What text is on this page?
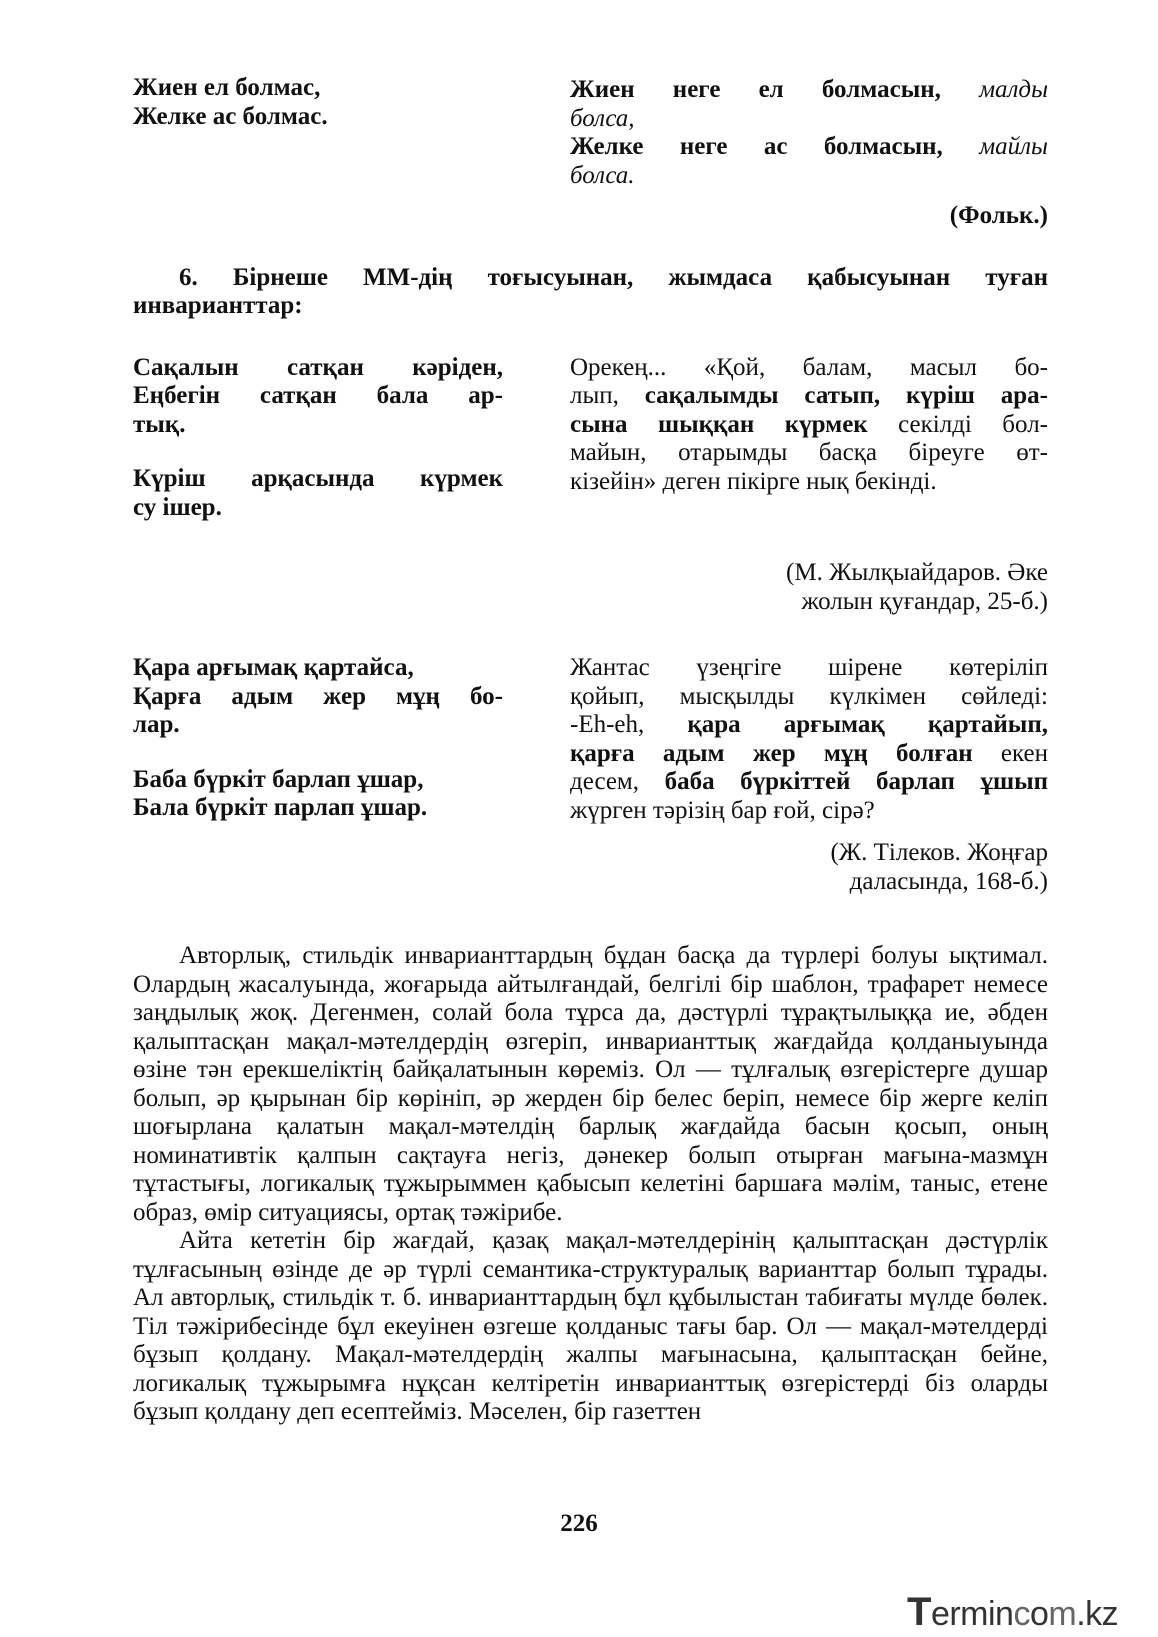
Жиен ел болмас,
Желке ас болмас.
Жиен неге ел болмасын, малды
болса,
Желке неге ас болмасын, майлы
болса.
(Фольк.)
6. Бірнеше ММ-дің тоғысуынан, жымдаса қабысуынан туған инварианттар:
Сақалын сатқан кәріден,
Еңбегін сатқан бала ар-
тық.
Күріш арқасында күрмек
су ішер.
Орекең... «Қой, балам, масыл бо-
лып, сақалымды сатып, күріш ара-
сына шыққан күрмек секілді бол-
майын, отарымды басқа біреуге өт-
кізейін» деген пікірге нық бекінді.
(М. Жылқыайдаров. Әке
жолын қуғандар, 25-б.)
Қара арғымақ қартайса,
Қарға адым жер мұң бо-
лар.
Баба бүркіт барлап ұшар,
Бала бүркіт парлап ұшар.
Жантас үзеңгіге шірене көтеріліп
қойып, мысқылды күлкімен сөйледі:
-Eh-eh, қара арғымақ қартайып,
қарға адым жер мұң болған екен
десем, баба бүркіттей барлап ұшып
жүрген тәрізің бар ғой, сірә?
(Ж. Тілеков. Жоңғар
даласында, 168-б.)
Авторлық, стильдік инварианттардың бұдан басқа да түрлері болуы ықтимал. Олардың жасалуында, жоғарыда айтылғандай, белгілі бір шаблон, трафарет немесе заңдылық жоқ. Дегенмен, солай бола тұрса да, дәстүрлі тұрақтылыққа ие, әбден қалыптасқан мақал-мәтелдердің өзгеріп, инварианттық жағдайда қолданыуында өзіне тән ерекшеліктің байқалатынын көреміз. Ол — тұлғалық өзгерістерге душар болып, әр қырынан бір көрініп, әр жерден бір белес беріп, немесе бір жерге келіп шоғырлана қалатын мақал-мәтелдің барлық жағдайда басын қосып, оның номинативтік қалпын сақтауға негіз, дәнекер болып отырған мағына-мазмұн тұтастығы, логикалық тұжырыммен қабысып келетіні баршаға мәлім, таныс, етене образ, өмір ситуациясы, ортақ тәжірибе.
Айта кететін бір жағдай, қазақ мақал-мәтелдерінің қалыптасқан дәстүрлік тұлғасының өзінде де әр түрлі семантика-структуралық варианттар болып тұрады. Ал авторлық, стильдік т. б. инварианттардың бұл құбылыстан табиғаты мүлде бөлек. Тіл тәжірибесінде бұл екеуінен өзгеше қолданыс тағы бар. Ол — мақал-мәтелдерді бұзып қолдану. Мақал-мәтелдердің жалпы мағынасына, қалыптасқан бейне, логикалық тұжырымға нұқсан келтіретін инварианттық өзгерістерді біз оларды бұзып қолдану деп есептейміз. Мәселен, бір газеттен
226
Termincom.kz
